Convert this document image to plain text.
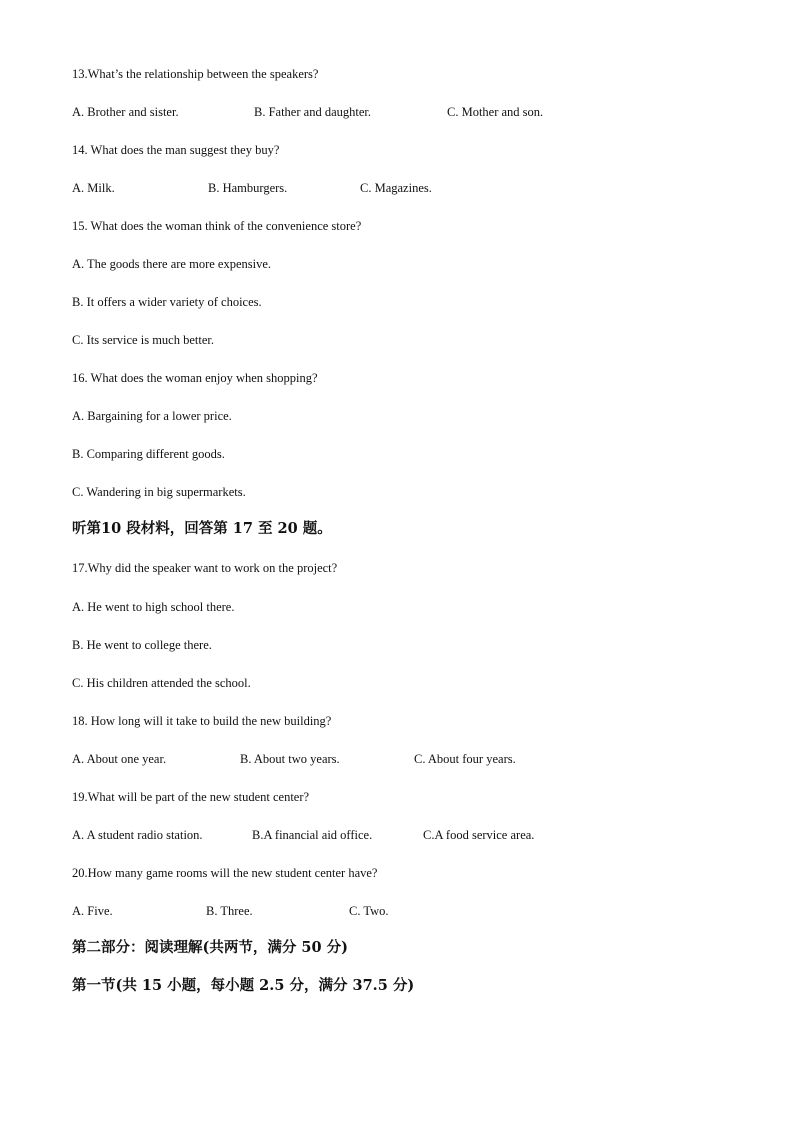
13.What’s the relationship between the speakers?
A. Brother and sister.	B. Father and daughter.	C. Mother and son.
14. What does the man suggest they buy?
A. Milk.	B. Hamburgers.	C. Magazines.
15. What does the woman think of the convenience store?
A. The goods there are more expensive.
B. It offers a wider variety of choices.
C. Its service is much better.
16. What does the woman enjoy when shopping?
A. Bargaining for a lower price.
B. Comparing different goods.
C. Wandering in big supermarkets.
听第10 段材料，回答第 17 至 20 题。
17.Why did the speaker want to work on the project?
A. He went to high school there.
B. He went to college there.
C. His children attended the school.
18. How long will it take to build the new building?
A. About one year.	B. About two years.	C. About four years.
19.What will be part of the new student center?
A. A student radio station.	B.A financial aid office.	C.A food service area.
20.How many game rooms will the new student center have?
A. Five.	B. Three.	C. Two.
第二部分：阅读理解(共两节，满分 50 分)
第一节(共 15 小题，每小题 2.5 分，满分 37.5 分)
